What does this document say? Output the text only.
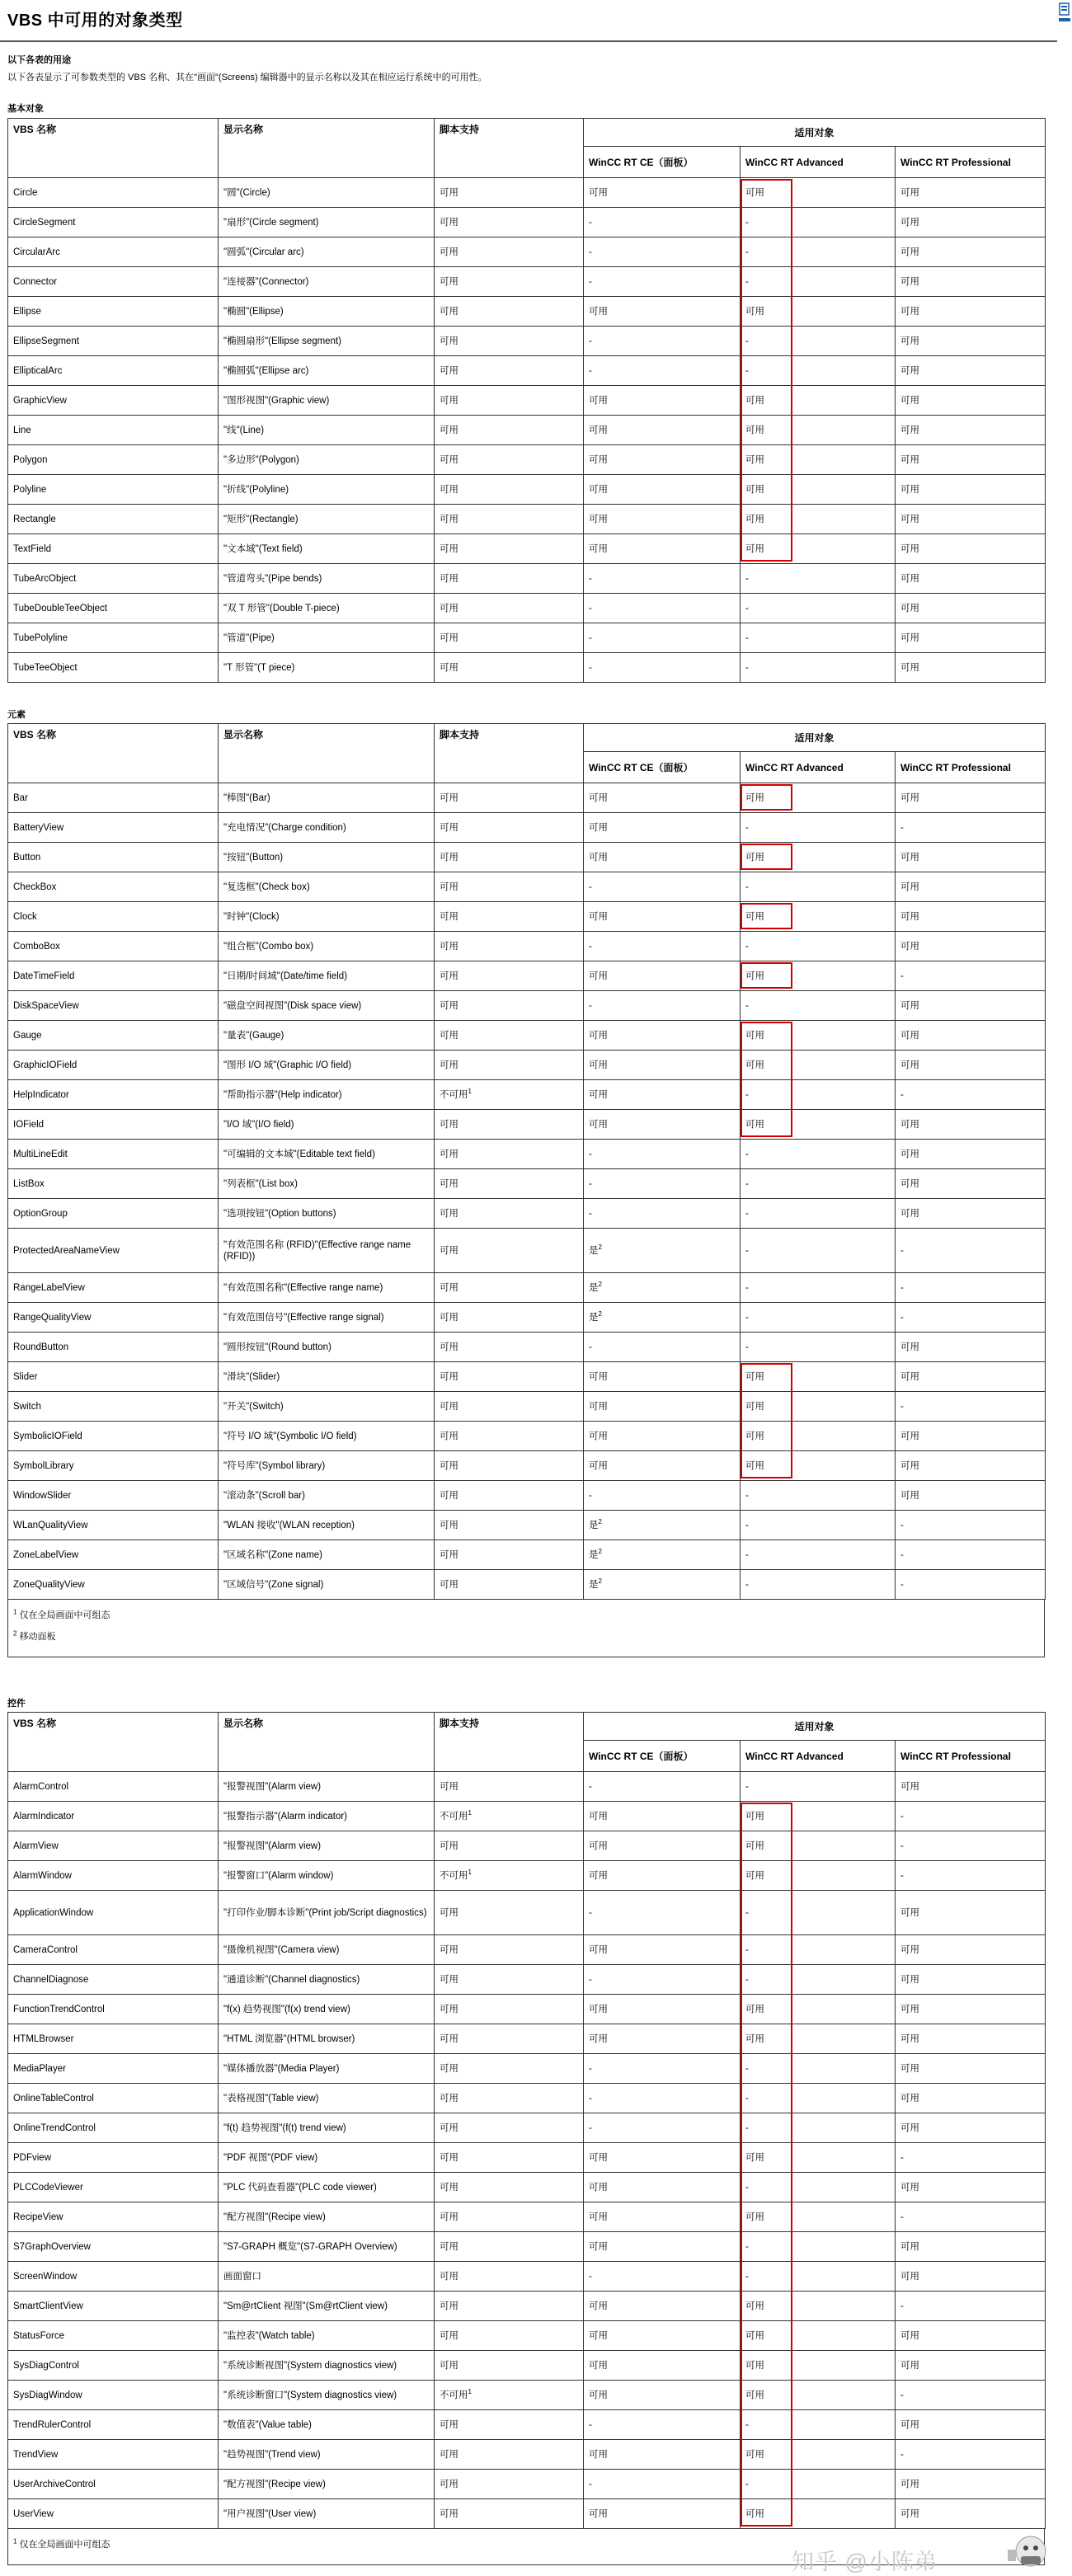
VBS 中可用的对象类型
以下各表的用途
以下各表显示了可参数类型的 VBS 名称、其在"画面"(Screens) 编辑器中的显示名称以及其在相应运行系统中的可用性。
基本对象
VBS 名称	显示名称	脚本支持	适用对象		
			WinCC RT CE（面板）	WinCC RT Advanced	WinCC RT Professional
Circle	"圆"(Circle)	可用	可用	可用	可用
CircleSegment	"扇形"(Circle segment)	可用	-	-	可用
CircularArc	"圆弧"(Circular arc)	可用	-	-	可用
Connector	"连接器"(Connector)	可用	-	-	可用
Ellipse	"椭圆"(Ellipse)	可用	可用	可用	可用
EllipseSegment	"椭圆扇形"(Ellipse segment)	可用	-	-	可用
EllipticalArc	"椭圆弧"(Ellipse arc)	可用	-	-	可用
GraphicView	"图形视图"(Graphic view)	可用	可用	可用	可用
Line	"线"(Line)	可用	可用	可用	可用
Polygon	"多边形"(Polygon)	可用	可用	可用	可用
Polyline	"折线"(Polyline)	可用	可用	可用	可用
Rectangle	"矩形"(Rectangle)	可用	可用	可用	可用
TextField	"文本域"(Text field)	可用	可用	可用	可用
TubeArcObject	"管道弯头"(Pipe bends)	可用	-	-	可用
TubeDoubleTeeObject	"双 T 形管"(Double T-piece)	可用	-	-	可用
TubePolyline	"管道"(Pipe)	可用	-	-	可用
TubeTeeObject	"T 形管"(T piece)	可用	-	-	可用
元素
VBS 名称	显示名称	脚本支持	适用对象		
			WinCC RT CE（面板）	WinCC RT Advanced	WinCC RT Professional
Bar	"棒图"(Bar)	可用	可用	可用	可用
BatteryView	"充电情况"(Charge condition)	可用	可用	-	-
Button	"按钮"(Button)	可用	可用	可用	可用
CheckBox	"复选框"(Check box)	可用	-	-	可用
Clock	"时钟"(Clock)	可用	可用	可用	可用
ComboBox	"组合框"(Combo box)	可用	-	-	可用
DateTimeField	"日期/时间域"(Date/time field)	可用	可用	可用	-
DiskSpaceView	"磁盘空间视图"(Disk space view)	可用	-	-	可用
Gauge	"量表"(Gauge)	可用	可用	可用	可用
GraphicIOField	"图形 I/O 域"(Graphic I/O field)	可用	可用	可用	可用
HelpIndicator	"帮助指示器"(Help indicator)	不可用$^1$	可用	-	-
IOField	"I/O 域"(I/O field)	可用	可用	可用	可用
MultiLineEdit	"可编辑的文本域"(Editable text field)	可用	-	-	可用
ListBox	"列表框"(List box)	可用	-	-	可用
OptionGroup	"选项按钮"(Option buttons)	可用	-	-	可用
ProtectedAreaNameView	"有效范围名称 (RFID)"(Effective range name (RFID))	可用	是$^2$	-	-
RangeLabelView	"有效范围名称"(Effective range name)	可用	是$^2$	-	-
RangeQualityView	"有效范围信号"(Effective range signal)	可用	是$^2$	-	-
RoundButton	"圆形按钮"(Round button)	可用	-	-	可用
Slider	"滑块"(Slider)	可用	可用	可用	可用
Switch	"开关"(Switch)	可用	可用	可用	-
SymbolicIOField	"符号 I/O 域"(Symbolic I/O field)	可用	可用	可用	可用
SymbolLibrary	"符号库"(Symbol library)	可用	可用	可用	可用
WindowSlider	"滚动条"(Scroll bar)	可用	-	-	可用
WLanQualityView	"WLAN 接收"(WLAN reception)	可用	是$^2$	-	-
ZoneLabelView	"区域名称"(Zone name)	可用	是$^2$	-	-
ZoneQualityView	"区域信号"(Zone signal)	可用	是$^2$	-	-
$^1$ 仅在全局画面中可组态
$^2$ 移动面板
控件
VBS 名称	显示名称	脚本支持	适用对象		
			WinCC RT CE（面板）	WinCC RT Advanced	WinCC RT Professional
AlarmControl	"报警视图"(Alarm view)	可用	-	-	可用
AlarmIndicator	"报警指示器"(Alarm indicator)	不可用$^1$	可用	可用	-
AlarmView	"报警视图"(Alarm view)	可用	可用	可用	-
AlarmWindow	"报警窗口"(Alarm window)	不可用$^1$	可用	可用	-
ApplicationWindow	"打印作业/脚本诊断"(Print job/Script diagnostics)	可用	-	-	可用
CameraControl	"摄像机视图"(Camera view)	可用	可用	-	可用
ChannelDiagnose	"通道诊断"(Channel diagnostics)	可用	-	-	可用
FunctionTrendControl	"f(x) 趋势视图"(f(x) trend view)	可用	可用	可用	可用
HTMLBrowser	"HTML 浏览器"(HTML browser)	可用	可用	可用	可用
MediaPlayer	"媒体播放器"(Media Player)	可用	-	-	可用
OnlineTableControl	"表格视图"(Table view)	可用	-	-	可用
OnlineTrendControl	"f(t) 趋势视图"(f(t) trend view)	可用	-	-	可用
PDFview	"PDF 视图"(PDF view)	可用	可用	可用	-
PLCCodeViewer	"PLC 代码查看器"(PLC code viewer)	可用	可用	-	可用
RecipeView	"配方视图"(Recipe view)	可用	可用	可用	-
S7GraphOverview	"S7-GRAPH 概览"(S7-GRAPH Overview)	可用	可用	-	可用
ScreenWindow	画面窗口	可用	-	-	可用
SmartClientView	"Sm@rtClient 视图"(Sm@rtClient view)	可用	可用	可用	-
StatusForce	"监控表"(Watch table)	可用	可用	可用	可用
SysDiagControl	"系统诊断视图"(System diagnostics view)	可用	可用	可用	可用
SysDiagWindow	"系统诊断窗口"(System diagnostics view)	不可用$^1$	可用	可用	-
TrendRulerControl	"数值表"(Value table)	可用	-	-	可用
TrendView	"趋势视图"(Trend view)	可用	可用	可用	-
UserArchiveControl	"配方视图"(Recipe view)	可用	-	-	可用
UserView	"用户视图"(User view)	可用	可用	可用	可用
$^1$ 仅在全局画面中可组态
知乎 @小陈弟
